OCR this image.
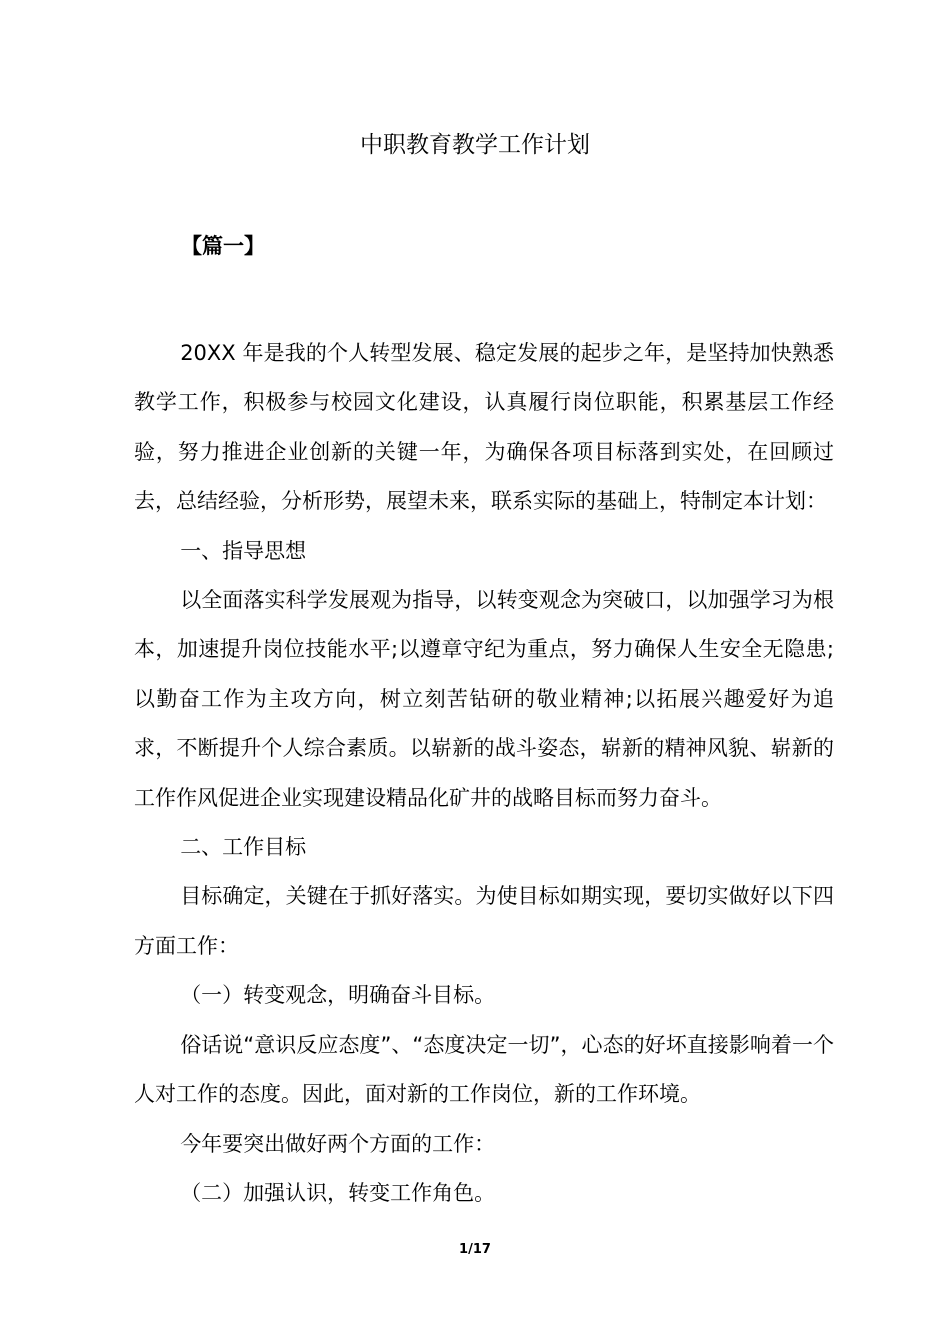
中职教育教学工作计划
【篇一】

20XX 年是我的个人转型发展、稳定发展的起步之年，是坚持加快熟悉教学工作，积极参与校园文化建设，认真履行岗位职能，积累基层工作经验，努力推进企业创新的关键一年，为确保各项目标落到实处，在回顾过去，总结经验，分析形势，展望未来，联系实际的基础上，特制定本计划：

一、指导思想

以全面落实科学发展观为指导，以转变观念为突破口，以加强学习为根本，加速提升岗位技能水平;以遵章守纪为重点，努力确保人生安全无隐患;以勤奋工作为主攻方向，树立刻苦钻研的敬业精神;以拓展兴趣爱好为追求，不断提升个人综合素质。以崭新的战斗姿态，崭新的精神风貌、崭新的工作作风促进企业实现建设精品化矿井的战略目标而努力奋斗。

二、工作目标

目标确定，关键在于抓好落实。为使目标如期实现，要切实做好以下四方面工作：

（一）转变观念，明确奋斗目标。

俗话说“意识反应态度”、“态度决定一切”，心态的好坏直接影响着一个人对工作的态度。因此，面对新的工作岗位，新的工作环境。

今年要突出做好两个方面的工作：

（二）加强认识，转变工作角色。

1/17
